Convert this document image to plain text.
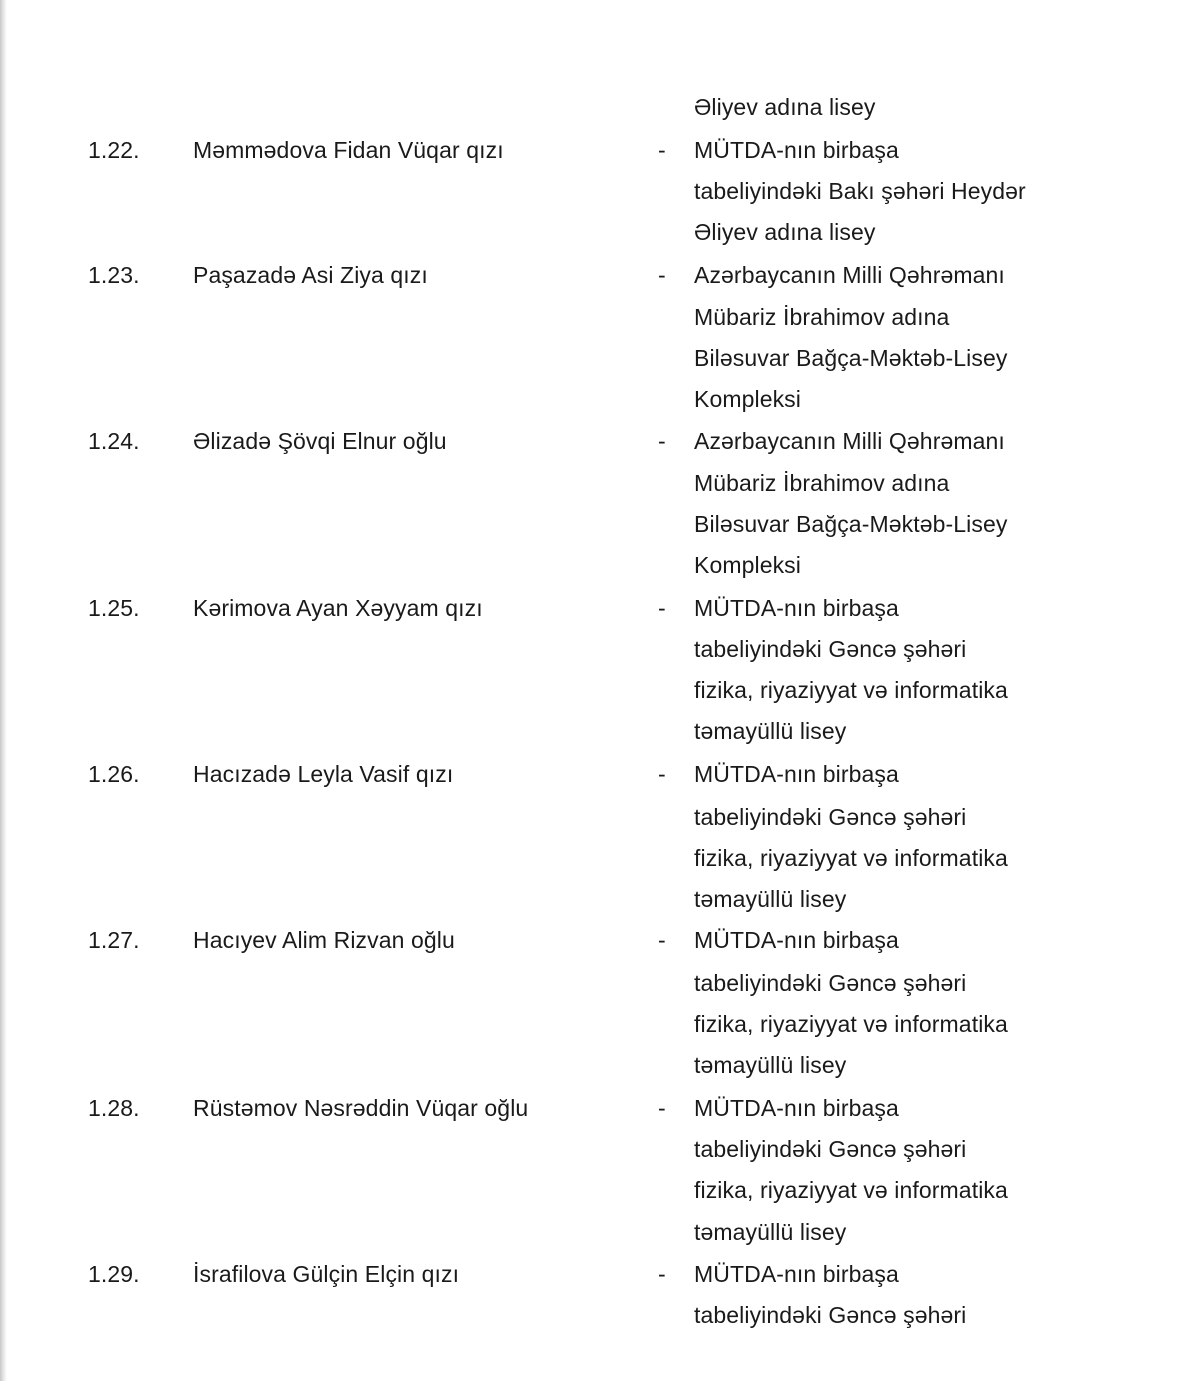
Əliyev adına lisey
1.22. Məmmədova Fidan Vüqar qızı	- MÜTDA-nın birbaşa
tabeliyindəki Bakı şəhəri Heydər
Əliyev adına lisey
1.23. Paşazadə Asi Ziya qızı	- Azərbaycanın Milli Qəhrəmanı
Mübariz İbrahimov adına
Biləsuvar Bağça-Məktəb-Lisey
Kompleksi
1.24. Əlizadə Şövqi Elnur oğlu	- Azərbaycanın Milli Qəhrəmanı
Mübariz İbrahimov adına
Biləsuvar Bağça-Məktəb-Lisey
Kompleksi
1.25. Kərimova Ayan Xəyyam qızı	- MÜTDA-nın birbaşa
tabeliyindəki Gəncə şəhəri
fizika, riyaziyyat və informatika
təmayüllü lisey
1.26. Hacızadə Leyla Vasif qızı	- MÜTDA-nın birbaşa
tabeliyindəki Gəncə şəhəri
fizika, riyaziyyat və informatika
təmayüllü lisey
1.27. Hacıyev Alim Rizvan oğlu	- MÜTDA-nın birbaşa
tabeliyindəki Gəncə şəhəri
fizika, riyaziyyat və informatika
təmayüllü lisey
1.28. Rüstəmov Nəsrəddin Vüqar oğlu	- MÜTDA-nın birbaşa
tabeliyindəki Gəncə şəhəri
fizika, riyaziyyat və informatika
təmayüllü lisey
1.29. İsrafilova Gülçin Elçin qızı	- MÜTDA-nın birbaşa
tabeliyindəki Gəncə şəhəri
